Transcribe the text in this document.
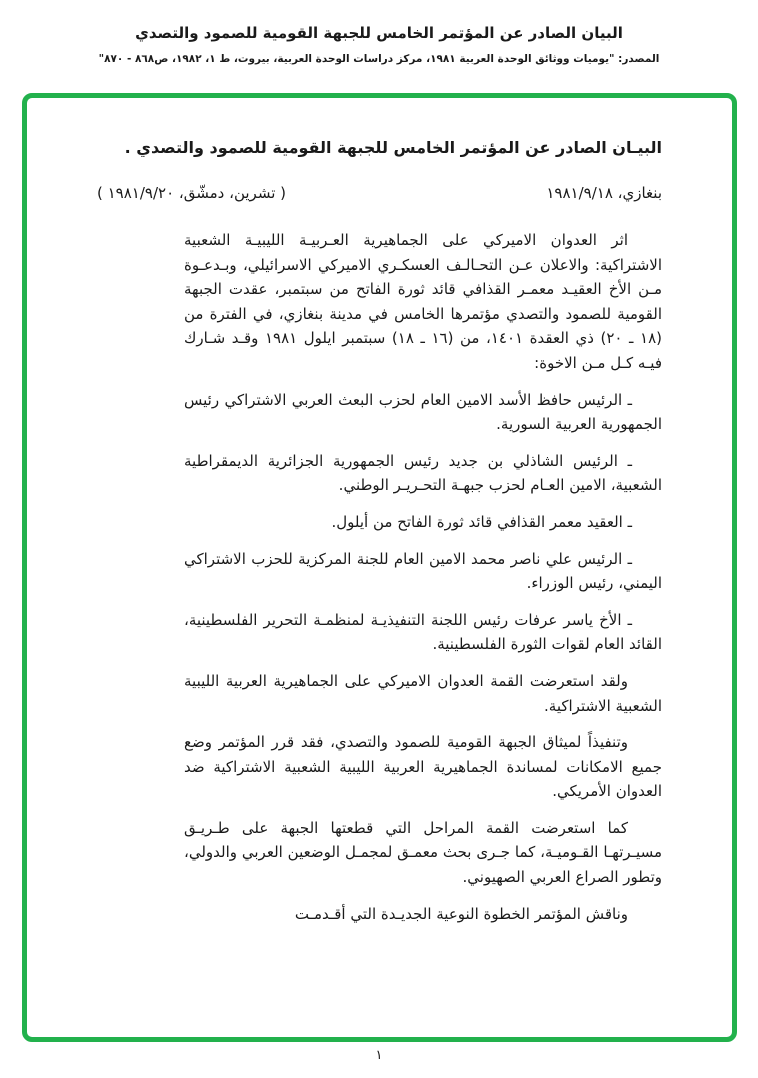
البيان الصادر عن المؤتمر الخامس للجبهة القومية للصمود والتصدي
المصدر: "يوميات ووثائق الوحدة العربية ١٩٨١، مركز دراسات الوحدة العربية، بيروت، ط ١، ١٩٨٢، ص٨٦٨ - ٨٧٠"
البيـان الصادر عن المؤتمر الخامس للجبهة القومية للصمود والتصدي .
بنغازي، ١٩٨١/٩/١٨
( تشرين، دمشّق، ١٩٨١/٩/٢٠ )

اثر العدوان الاميركي على الجماهيرية العـربيـة الليبيـة الشعبية الاشتراكية: والاعلان عـن التحـالـف العسكـري الاميركي الاسرائيلي، وبـدعـوة مـن الأخ العقيـد معمـر القذافي قائد ثورة الفاتح من سبتمبر، عقدت الجبهة القومية للصمود والتصدي مؤتمرها الخامس في مدينة بنغازي، في الفترة من (١٨ ـ ٢٠) ذي العقدة ١٤٠١، من (١٦ ـ ١٨) سبتمبر ايلول ١٩٨١ وقـد شـارك فيـه كـل مـن الاخوة:

ـ الرئيس حافظ الأسد الامين العام لحزب البعث العربي الاشتراكي رئيس الجمهورية العربية السورية.

ـ الرئيس الشاذلي بن جديد رئيس الجمهورية الجزائرية الديمقراطية الشعبية، الامين العـام لحزب جبهـة التحـريـر الوطني.

ـ العقيد معمر القذافي قائد ثورة الفاتح من أيلول.

ـ الرئيس علي ناصر محمد الامين العام للجنة المركزية للحزب الاشتراكي اليمني، رئيس الوزراء.

ـ الأخ ياسر عرفات رئيس اللجنة التنفيذيـة لمنظمـة التحرير الفلسطينية، القائد العام لقوات الثورة الفلسطينية.

ولقد استعرضت القمة العدوان الاميركي على الجماهيرية العربية الليبية الشعبية الاشتراكية.

وتنفيذاً لميثاق الجبهة القومية للصمود والتصدي، فقد قرر المؤتمر وضع جميع الامكانات لمساندة الجماهيرية العربية الليبية الشعبية الاشتراكية ضد العدوان الأمريكي.

كما استعرضت القمة المراحل التي قطعتها الجبهة على طـريـق مسيـرتهـا القـوميـة، كما جـرى بحث معمـق لمجمـل الوضعين العربي والدولي، وتطور الصراع العربي الصهيوني.

وناقش المؤتمر الخطوة النوعية الجديـدة التي أقـدمـت

١
